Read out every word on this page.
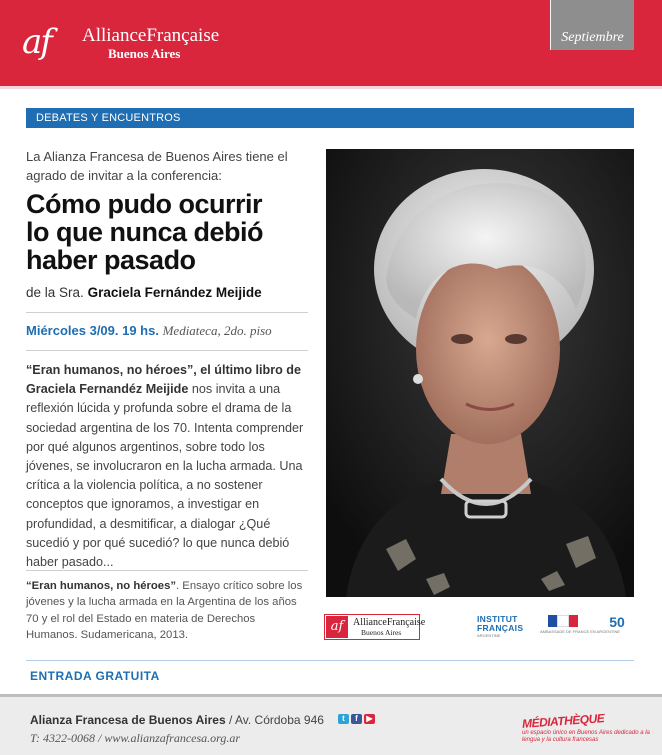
af AllianceFrançaise
Buenos Aires
Septiembre
DEBATES Y ENCUENTROS
La Alianza Francesa de Buenos Aires tiene el agrado de invitar a la conferencia:
Cómo pudo ocurrir
lo que nunca debió
haber pasado
de la Sra. Graciela Fernández Meijide
Miércoles 3/09. 19 hs. Mediateca, 2do. piso
“Eran humanos, no héroes”, el último libro de Graciela Fernandéz Meijide nos invita a una reflexión lúcida y profunda sobre el drama de la sociedad argentina de los 70. Intenta comprender por qué algunos argentinos, sobre todo los jóvenes, se involucraron en la lucha armada. Una crítica a la violencia política, a no sostener conceptos que ignoramos, a investigar en profundidad, a desmitificar, a dialogar ¿Qué sucedió y por qué sucedió? lo que nunca debió haber pasado...
“Eran humanos, no héroes”. Ensayo crítico sobre los jóvenes y la lucha armada en la Argentina de los años 70 y el rol del Estado en materia de Derechos Humanos. Sudamericana, 2013.
af AllianceFrançaise
Buenos Aires
INSTITUT
FRANÇAIS
ARGENTINE
AMBASSADE DE FRANCE EN ARGENTINE
50
ENTRADA GRATUITA
Alianza Francesa de Buenos Aires / Av. Córdoba 946
T: 4322-0068 / www.alianzafrancesa.org.ar
t	f	▶	MÉDIATHÈQUE
un espacio único en Buenos Aires dedicado a la lengua y la cultura francesas
